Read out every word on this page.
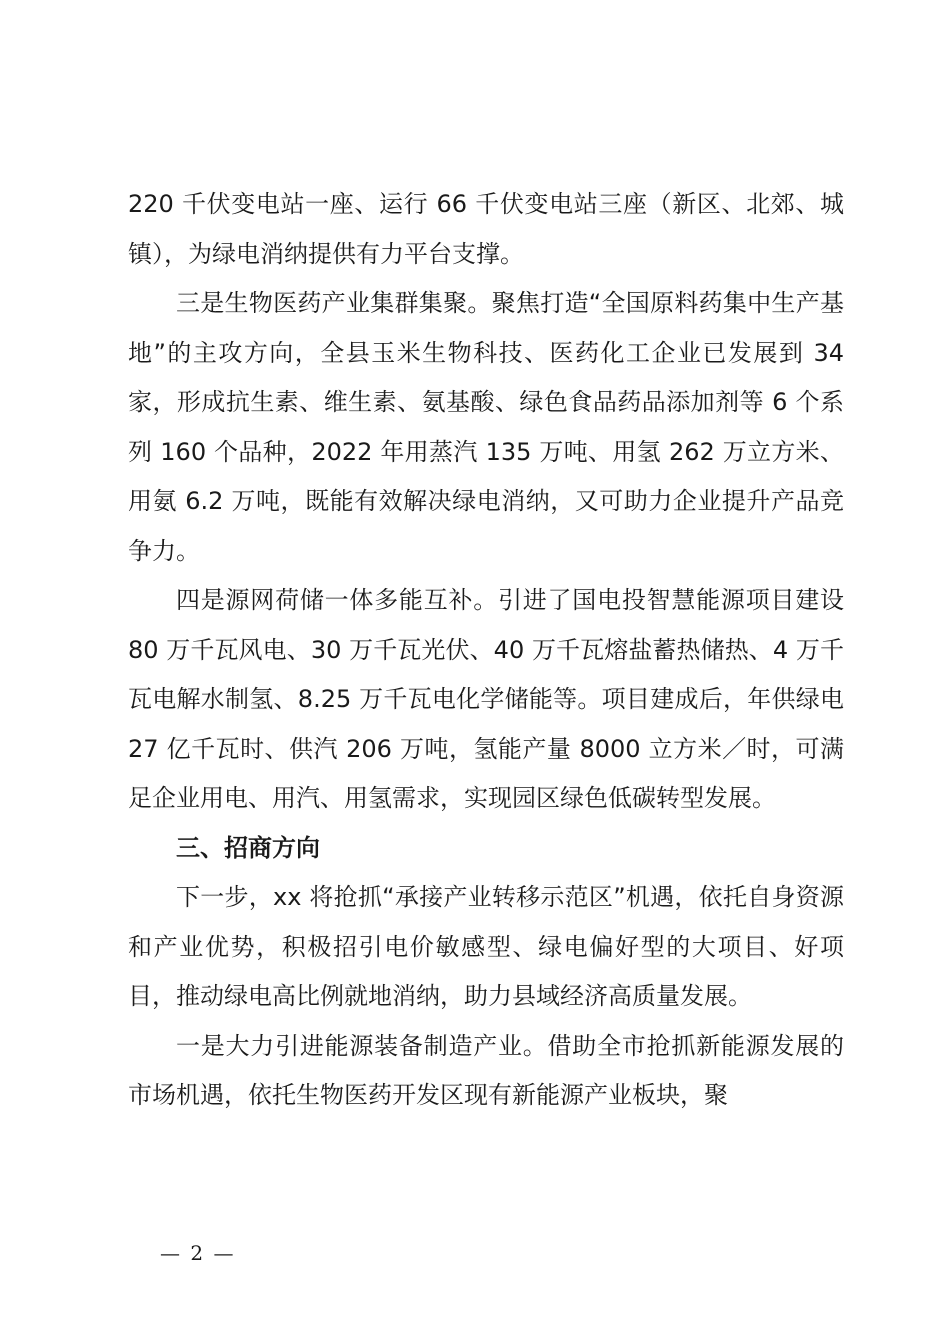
220 千伏变电站一座、运行 66 千伏变电站三座（新区、北郊、城镇），为绿电消纳提供有力平台支撑。

三是生物医药产业集群集聚。聚焦打造“全国原料药集中生产基地”的主攻方向，全县玉米生物科技、医药化工企业已发展到 34 家，形成抗生素、维生素、氨基酸、绿色食品药品添加剂等 6 个系列 160 个品种，2022 年用蒸汽 135 万吨、用氢 262 万立方米、用氨 6.2 万吨，既能有效解决绿电消纳，又可助力企业提升产品竞争力。

四是源网荷储一体多能互补。引进了国电投智慧能源项目建设 80 万千瓦风电、30 万千瓦光伏、40 万千瓦熔盐蓄热储热、4 万千瓦电解水制氢、8.25 万千瓦电化学储能等。项目建成后，年供绿电 27 亿千瓦时、供汽 206 万吨，氢能产量 8000 立方米／时，可满足企业用电、用汽、用氢需求，实现园区绿色低碳转型发展。

三、招商方向

下一步，xx 将抢抓“承接产业转移示范区”机遇，依托自身资源和产业优势，积极招引电价敏感型、绿电偏好型的大项目、好项目，推动绿电高比例就地消纳，助力县域经济高质量发展。

一是大力引进能源装备制造产业。借助全市抢抓新能源发展的市场机遇，依托生物医药开发区现有新能源产业板块，聚

— 2 —
